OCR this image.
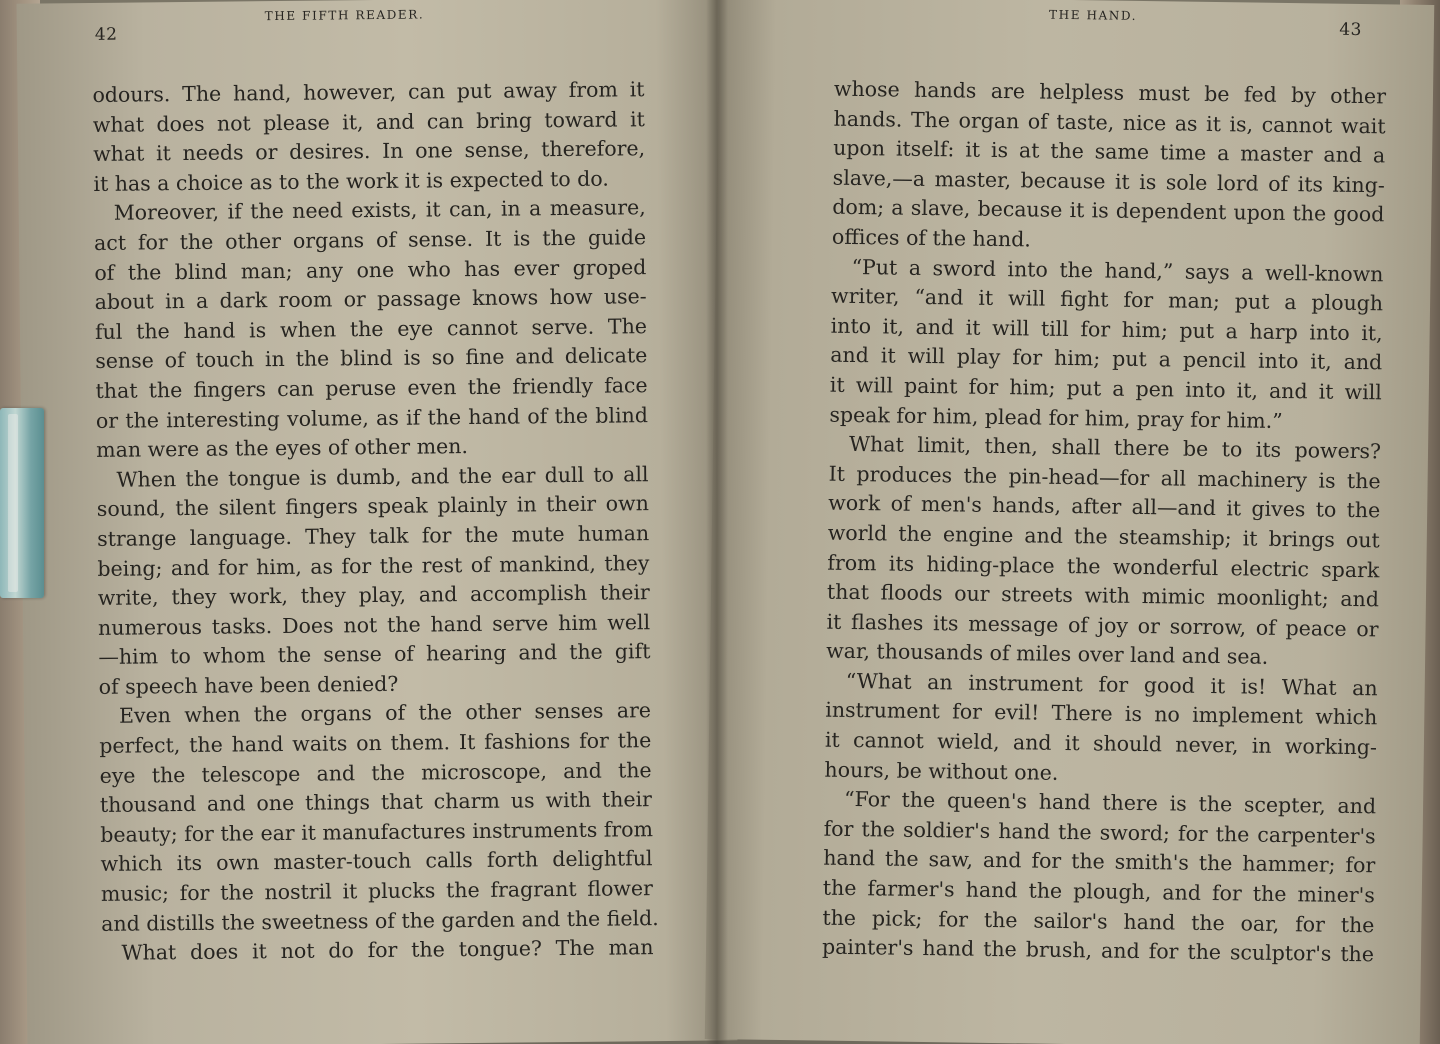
42
THE FIFTH READER.
odours. The hand, however, can put away from it
what does not please it, and can bring toward it
what it needs or desires. In one sense, therefore,
it has a choice as to the work it is expected to do.
Moreover, if the need exists, it can, in a measure,
act for the other organs of sense. It is the guide
of the blind man; any one who has ever groped
about in a dark room or passage knows how use-
ful the hand is when the eye cannot serve. The
sense of touch in the blind is so fine and delicate
that the fingers can peruse even the friendly face
or the interesting volume, as if the hand of the blind
man were as the eyes of other men.
When the tongue is dumb, and the ear dull to all
sound, the silent fingers speak plainly in their own
strange language. They talk for the mute human
being; and for him, as for the rest of mankind, they
write, they work, they play, and accomplish their
numerous tasks. Does not the hand serve him well
—him to whom the sense of hearing and the gift
of speech have been denied?
Even when the organs of the other senses are
perfect, the hand waits on them. It fashions for the
eye the telescope and the microscope, and the
thousand and one things that charm us with their
beauty; for the ear it manufactures instruments from
which its own master-touch calls forth delightful
music; for the nostril it plucks the fragrant flower
and distills the sweetness of the garden and the field.
What does it not do for the tongue? The man
THE HAND.
43
whose hands are helpless must be fed by other
hands. The organ of taste, nice as it is, cannot wait
upon itself: it is at the same time a master and a
slave,—a master, because it is sole lord of its king-
dom; a slave, because it is dependent upon the good
offices of the hand.
“Put a sword into the hand,” says a well-known
writer, “and it will fight for man; put a plough
into it, and it will till for him; put a harp into it,
and it will play for him; put a pencil into it, and
it will paint for him; put a pen into it, and it will
speak for him, plead for him, pray for him.”
What limit, then, shall there be to its powers?
It produces the pin-head—for all machinery is the
work of men's hands, after all—and it gives to the
world the engine and the steamship; it brings out
from its hiding-place the wonderful electric spark
that floods our streets with mimic moonlight; and
it flashes its message of joy or sorrow, of peace or
war, thousands of miles over land and sea.
“What an instrument for good it is! What an
instrument for evil! There is no implement which
it cannot wield, and it should never, in working-
hours, be without one.
“For the queen's hand there is the scepter, and
for the soldier's hand the sword; for the carpenter's
hand the saw, and for the smith's the hammer; for
the farmer's hand the plough, and for the miner's
the pick; for the sailor's hand the oar, for the
painter's hand the brush, and for the sculptor's the
